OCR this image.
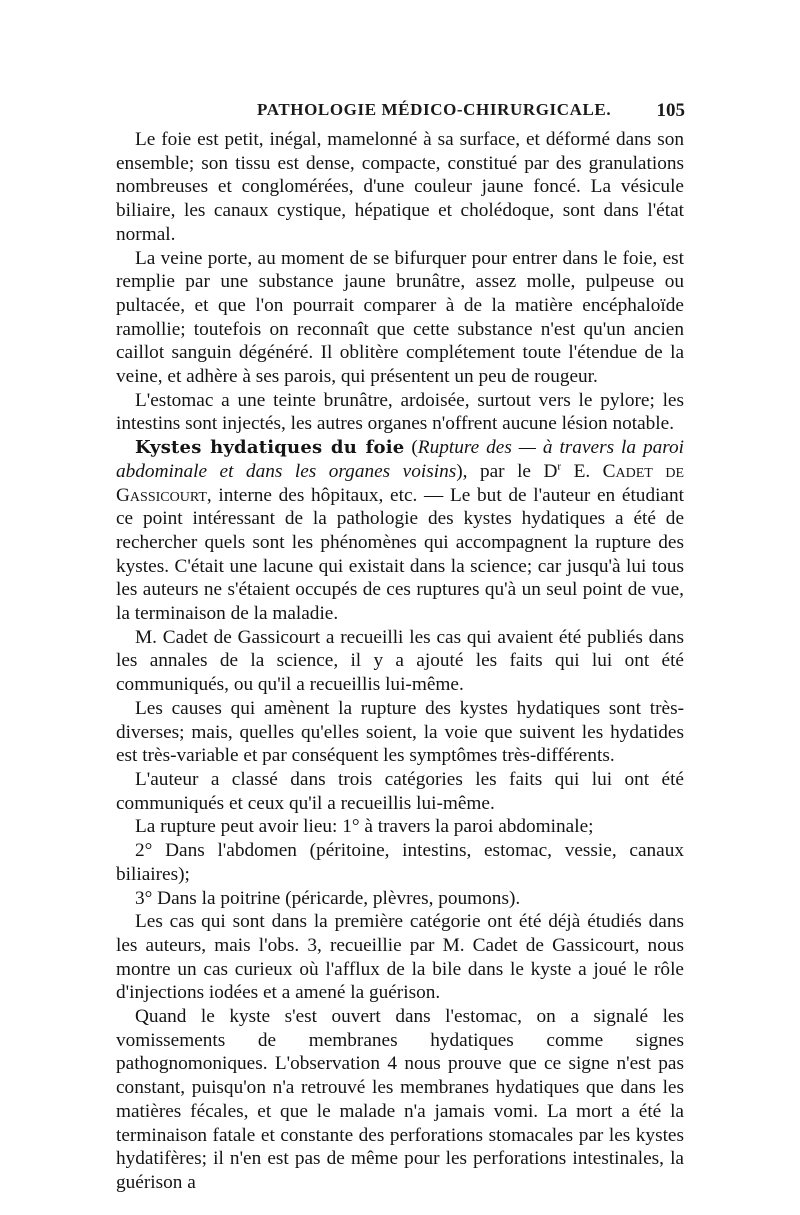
PATHOLOGIE MÉDICO-CHIRURGICALE. 105

Le foie est petit, inégal, mamelonné à sa surface, et déformé dans son ensemble; son tissu est dense, compacte, constitué par des granulations nombreuses et conglomérées, d'une couleur jaune foncé. La vésicule biliaire, les canaux cystique, hépatique et cholédoque, sont dans l'état normal.

La veine porte, au moment de se bifurquer pour entrer dans le foie, est remplie par une substance jaune brunâtre, assez molle, pulpeuse ou pultacée, et que l'on pourrait comparer à de la matière encéphaloïde ramollie; toutefois on reconnaît que cette substance n'est qu'un ancien caillot sanguin dégénéré. Il oblitère complétement toute l'étendue de la veine, et adhère à ses parois, qui présentent un peu de rougeur.

L'estomac a une teinte brunâtre, ardoisée, surtout vers le pylore; les intestins sont injectés, les autres organes n'offrent aucune lésion notable.

Kystes hydatiques du foie (Rupture des — à travers la paroi abdominale et dans les organes voisins), par le $D^r$ E. Cadet de Gassicourt, interne des hôpitaux, etc. — Le but de l'auteur en étudiant ce point intéressant de la pathologie des kystes hydatiques a été de rechercher quels sont les phénomènes qui accompagnent la rupture des kystes. C'était une lacune qui existait dans la science; car jusqu'à lui tous les auteurs ne s'étaient occupés de ces ruptures qu'à un seul point de vue, la terminaison de la maladie.

M. Cadet de Gassicourt a recueilli les cas qui avaient été publiés dans les annales de la science, il y a ajouté les faits qui lui ont été communiqués, ou qu'il a recueillis lui-même.

Les causes qui amènent la rupture des kystes hydatiques sont très-diverses; mais, quelles qu'elles soient, la voie que suivent les hydatides est très-variable et par conséquent les symptômes très-différents.

L'auteur a classé dans trois catégories les faits qui lui ont été communiqués et ceux qu'il a recueillis lui-même.

La rupture peut avoir lieu: 1° à travers la paroi abdominale;

2° Dans l'abdomen (péritoine, intestins, estomac, vessie, canaux biliaires);

3° Dans la poitrine (péricarde, plèvres, poumons).

Les cas qui sont dans la première catégorie ont été déjà étudiés dans les auteurs, mais l'obs. 3, recueillie par M. Cadet de Gassicourt, nous montre un cas curieux où l'afflux de la bile dans le kyste a joué le rôle d'injections iodées et a amené la guérison.

Quand le kyste s'est ouvert dans l'estomac, on a signalé les vomissements de membranes hydatiques comme signes pathognomoniques. L'observation 4 nous prouve que ce signe n'est pas constant, puisqu'on n'a retrouvé les membranes hydatiques que dans les matières fécales, et que le malade n'a jamais vomi. La mort a été la terminaison fatale et constante des perforations stomacales par les kystes hydatifères; il n'en est pas de même pour les perforations intestinales, la guérison a
